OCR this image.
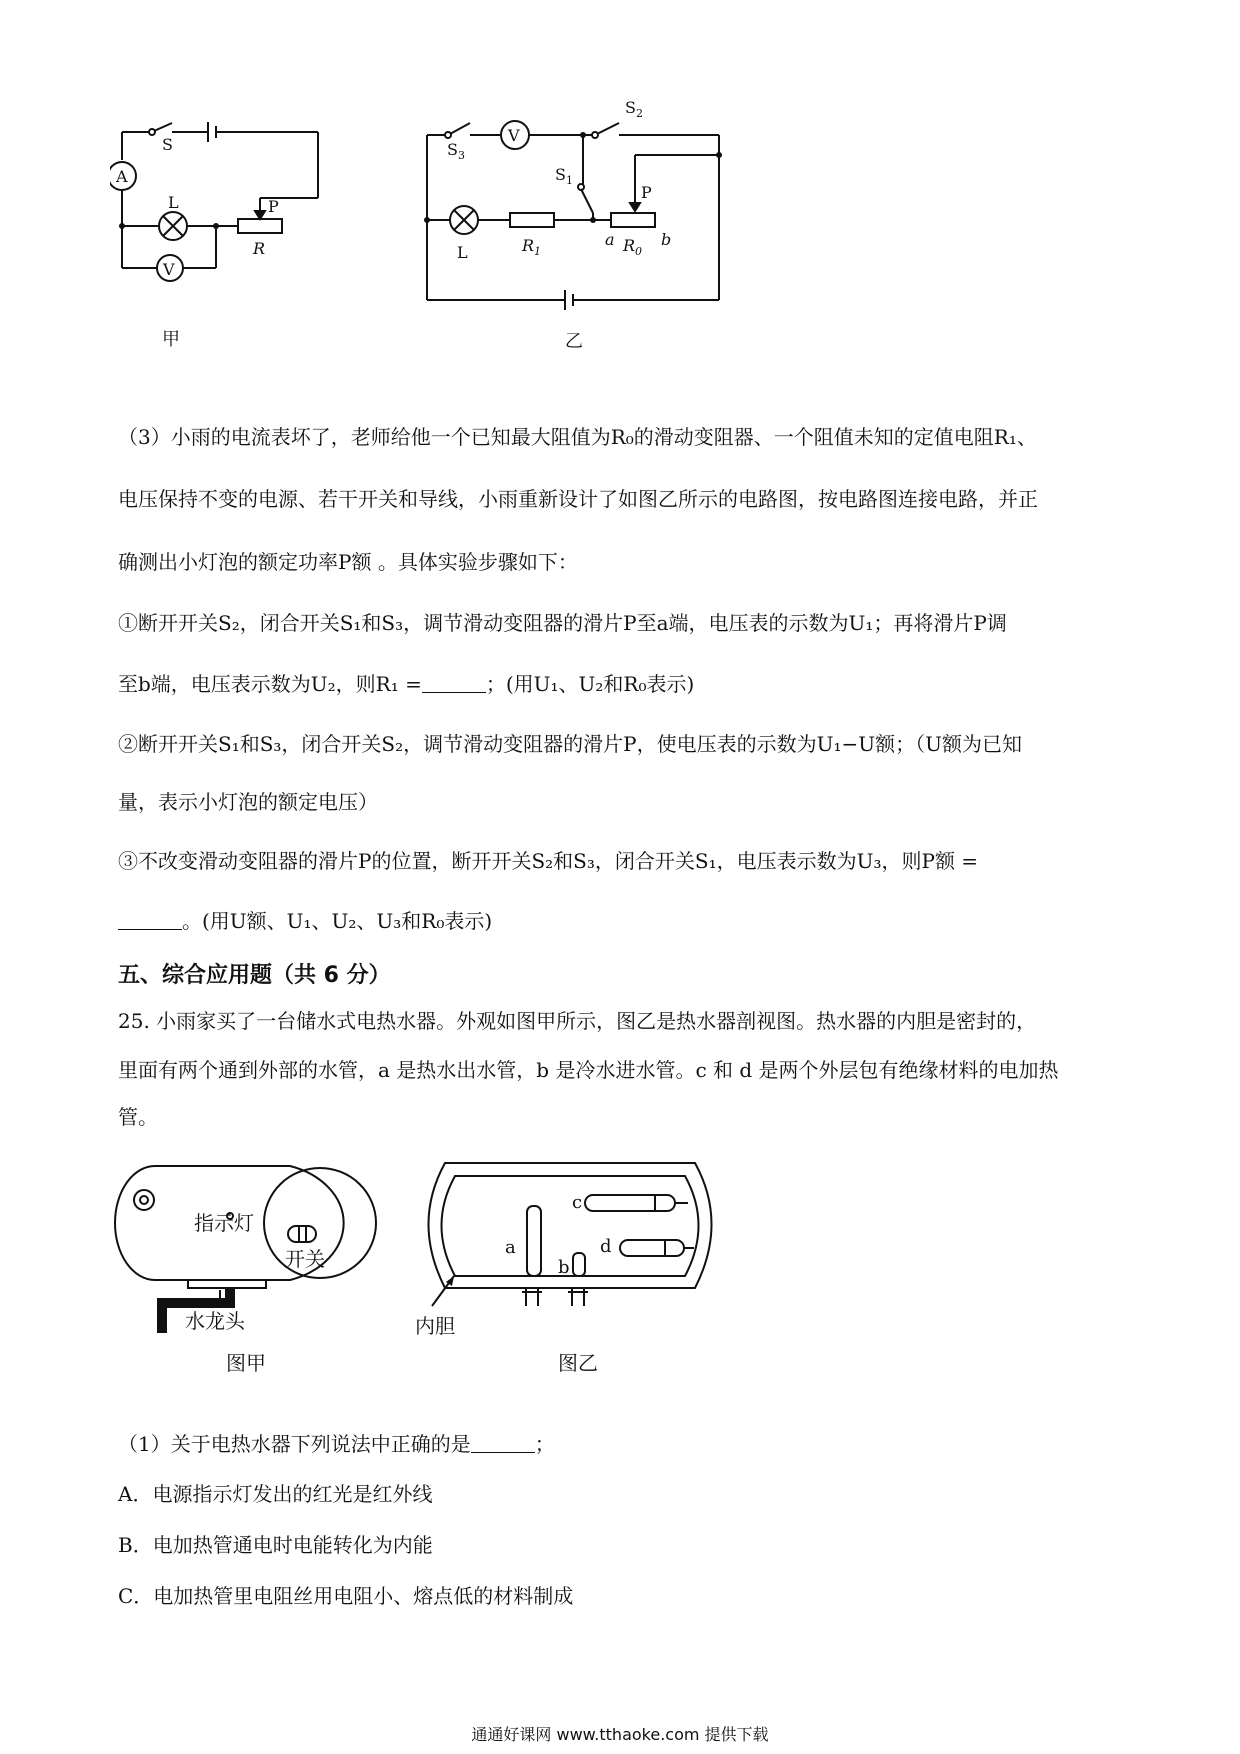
A
S
L
V
P
R
甲
V
$S_2$
$S_3$
$S_1$
P
L	$R_1$
a $R_0$
b
乙
（3）小雨的电流表坏了，老师给他一个已知最大阻值为R₀的滑动变阻器、一个阻值未知的定值电阻R₁、
电压保持不变的电源、若干开关和导线，小雨重新设计了如图乙所示的电路图，按电路图连接电路，并正
确测出小灯泡的额定功率P额 。具体实验步骤如下：
①断开开关S₂，闭合开关S₁和S₃，调节滑动变阻器的滑片P至a端，电压表的示数为U₁；再将滑片P调
至b端，电压表示数为U₂，则R₁ =	；(用U₁、U₂和R₀表示)
②断开开关S₁和S₃，闭合开关S₂，调节滑动变阻器的滑片P，使电压表的示数为U₁−U额；（U额为已知
量，表示小灯泡的额定电压）
③不改变滑动变阻器的滑片P的位置，断开开关S₂和S₃，闭合开关S₁，电压表示数为U₃，则P额 =
。(用U额、U₁、U₂、U₃和R₀表示)
五、综合应用题（共 6 分）
25. 小雨家买了一台储水式电热水器。外观如图甲所示，图乙是热水器剖视图。热水器的内胆是密封的，
里面有两个通到外部的水管，a 是热水出水管，b 是冷水进水管。c 和 d 是两个外层包有绝缘材料的电加热
管。
指示灯
开关
水龙头
图甲
a
b
c
d
内胆
图乙
（1）关于电热水器下列说法中正确的是	；
A．电源指示灯发出的红光是红外线
B．电加热管通电时电能转化为内能
C．电加热管里电阻丝用电阻小、熔点低的材料制成
通通好课网 www.tthaoke.com 提供下载
